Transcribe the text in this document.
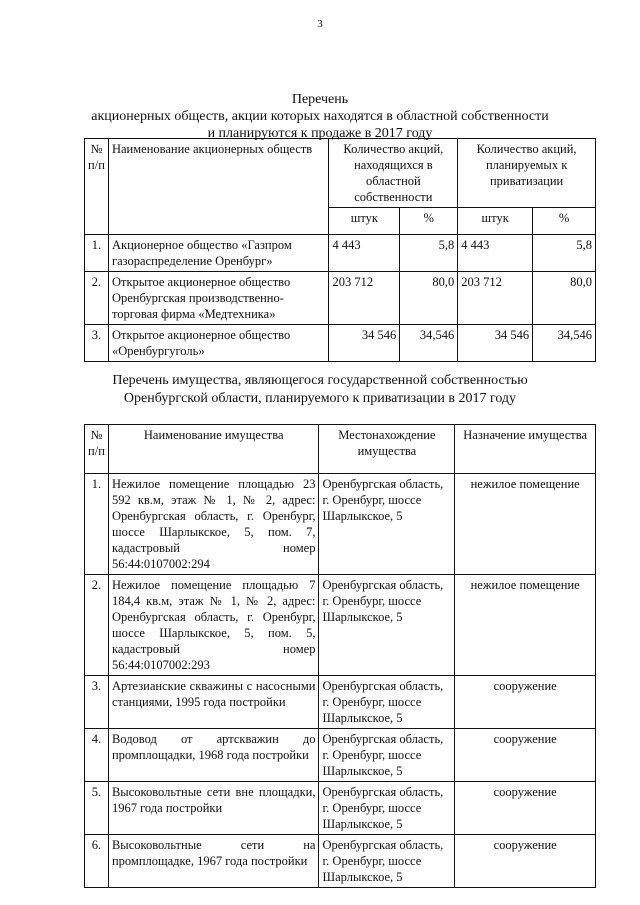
3
Перечень
акционерных обществ, акции которых находятся в областной собственности
и планируются к продаже в 2017 году
№ п/п	Наименование акционерных обществ	Количество акций, находящихся в областной собственности		Количество акций, планируемых к приватизации	
		штук	%	штук	%
1.	Акционерное общество «Газпром газораспределение Оренбург»	4 443	5,8	4 443	5,8
2.	Открытое акционерное общество Оренбургская производственно-торговая фирма «Медтехника»	203 712	80,0	203 712	80,0
3.	Открытое акционерное общество «Оренбургуголь»	34 546	34,546	34 546	34,546
Перечень имущества, являющегося государственной собственностью
Оренбургской области, планируемого к приватизации в 2017 году
№ п/п	Наименование имущества	Местонахождение имущества	Назначение имущества
1.	Нежилое помещение площадью 23 592 кв.м, этаж № 1, № 2, адрес: Оренбургская область, г. Оренбург, шоссе Шарлыкское, 5, пом. 7, кадастровый номер 56:44:0107002:294	Оренбургская область, г. Оренбург, шоссе Шарлыкское, 5	нежилое помещение
2.	Нежилое помещение площадью 7 184,4 кв.м, этаж № 1, № 2, адрес: Оренбургская область, г. Оренбург, шоссе Шарлыкское, 5, пом. 5, кадастровый номер 56:44:0107002:293	Оренбургская область, г. Оренбург, шоссе Шарлыкское, 5	нежилое помещение
3.	Артезианские скважины с насосными станциями, 1995 года постройки	Оренбургская область, г. Оренбург, шоссе Шарлыкское, 5	сооружение
4.	Водовод от артскважин до промплощадки, 1968 года постройки	Оренбургская область, г. Оренбург, шоссе Шарлыкское, 5	сооружение
5.	Высоковольтные сети вне площадки, 1967 года постройки	Оренбургская область, г. Оренбург, шоссе Шарлыкское, 5	сооружение
6.	Высоковольтные сети на промплощадке, 1967 года постройки	Оренбургская область, г. Оренбург, шоссе Шарлыкское, 5	сооружение
